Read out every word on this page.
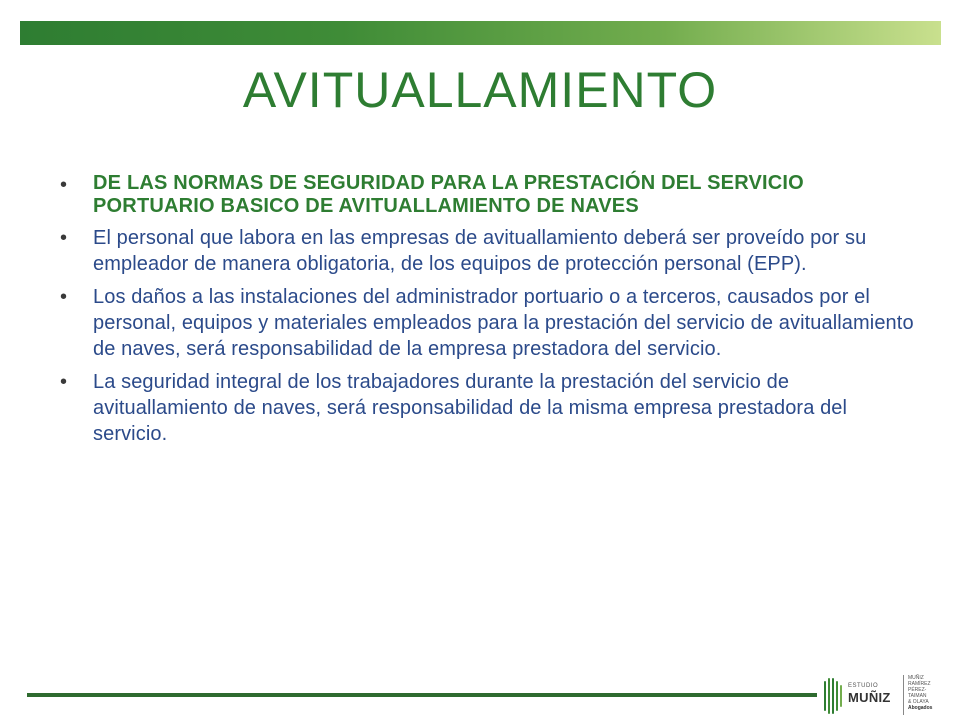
AVITUALLAMIENTO
• DE LAS NORMAS DE SEGURIDAD PARA LA PRESTACIÓN DEL SERVICIO PORTUARIO BASICO DE AVITUALLAMIENTO DE NAVES
• El personal que labora en las empresas de avituallamiento deberá ser proveído por su empleador de manera obligatoria, de los equipos de protección personal (EPP).
• Los daños a las instalaciones del administrador portuario o a terceros, causados por el personal, equipos y materiales empleados para la prestación del servicio de avituallamiento de naves, será responsabilidad de la empresa prestadora del servicio.
• La seguridad integral de los trabajadores durante la prestación del servicio de avituallamiento de naves, será responsabilidad de la misma empresa prestadora del servicio.
ESTUDIO
MUÑIZ
MUÑIZ
RAMÍREZ
PÉREZ-TAIMAN
& OLAYA
Abogados
